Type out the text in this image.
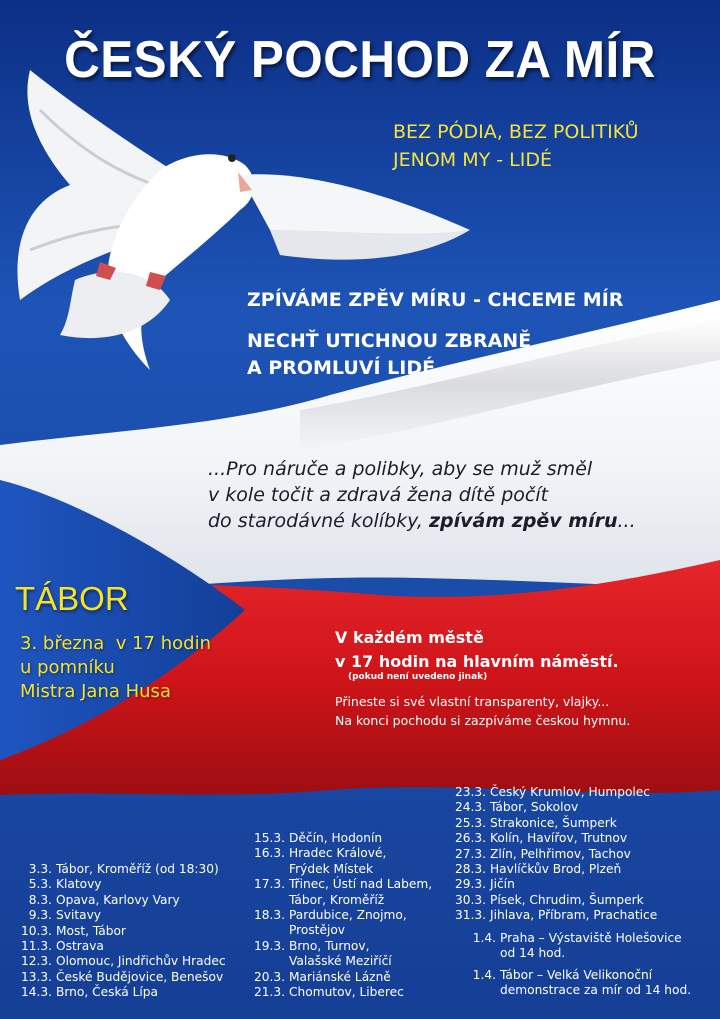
ČESKÝ POCHOD ZA MÍR
BEZ PÓDIA, BEZ POLITIKŮ
JENOM MY - LIDÉ
ZPÍVÁME ZPĚV MÍRU - CHCEME MÍR
NECHŤ UTICHNOU ZBRANĚ
A PROMLUVÍ LIDÉ
...Pro náruče a polibky, aby se muž směl
v kole točit a zdravá žena dítě počít
do starodávné kolíbky, zpívám zpěv míru...
TÁBOR
3. března  v 17 hodin
u pomníku
Mistra Jana Husa
V každém městě
v 17 hodin na hlavním náměstí.
(pokud není uvedeno jinak)
Přineste si své vlastní transparenty, vlajky...
Na konci pochodu si zazpíváme českou hymnu.
3.3. Tábor, Kroměříž (od 18:30)
5.3. Klatovy
8.3. Opava, Karlovy Vary
9.3. Svitavy
10.3. Most, Tábor
11.3. Ostrava
12.3. Olomouc, Jindřichův Hradec
13.3. České Budějovice, Benešov
14.3. Brno, Česká Lípa
15.3. Děčín, Hodonín
16.3. Hradec Králové,
Frýdek Místek
17.3. Třinec, Ústí nad Labem,
Tábor, Kroměříž
18.3. Pardubice, Znojmo,
Prostějov
19.3. Brno, Turnov,
Valašské Meziříčí
20.3. Mariánské Lázně
21.3. Chomutov, Liberec
23.3. Český Krumlov, Humpolec
24.3. Tábor, Sokolov
25.3. Strakonice, Šumperk
26.3. Kolín, Havířov, Trutnov
27.3. Zlín, Pelhřimov, Tachov
28.3. Havlíčkův Brod, Plzeň
29.3. Jičín
30.3. Písek, Chrudim, Šumperk
31.3. Jihlava, Příbram, Prachatice
1.4. Praha – Výstaviště Holešovice
od 14 hod.
1.4. Tábor – Velká Velikonoční
demonstrace za mír od 14 hod.
